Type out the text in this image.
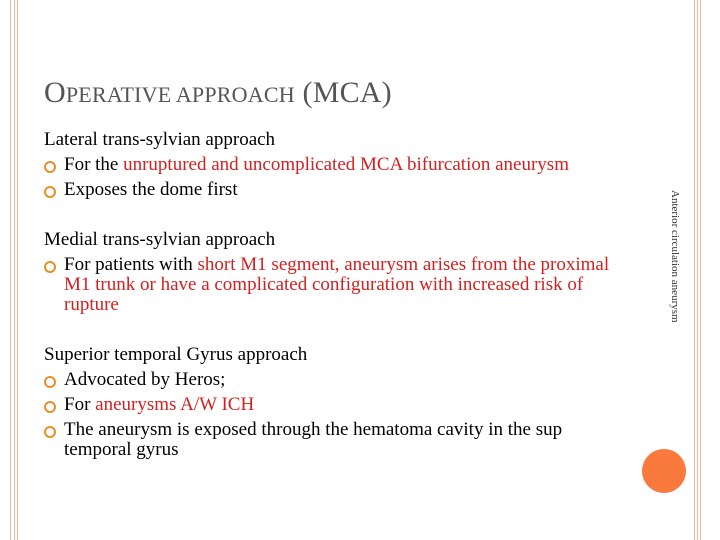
OPERATIVE APPROACH (MCA)

Lateral trans-sylvian approach

For the unruptured and uncomplicated MCA bifurcation aneurysm
Exposes the dome first

Medial trans-sylvian approach

For patients with short M1 segment, aneurysm arises from the proximal M1 trunk or have a complicated configuration with increased risk of rupture

Superior temporal Gyrus approach

Advocated by Heros;
For aneurysms A/W ICH
The aneurysm is exposed through the hematoma cavity in the sup temporal gyrus
Anterior circulation aneurysm
